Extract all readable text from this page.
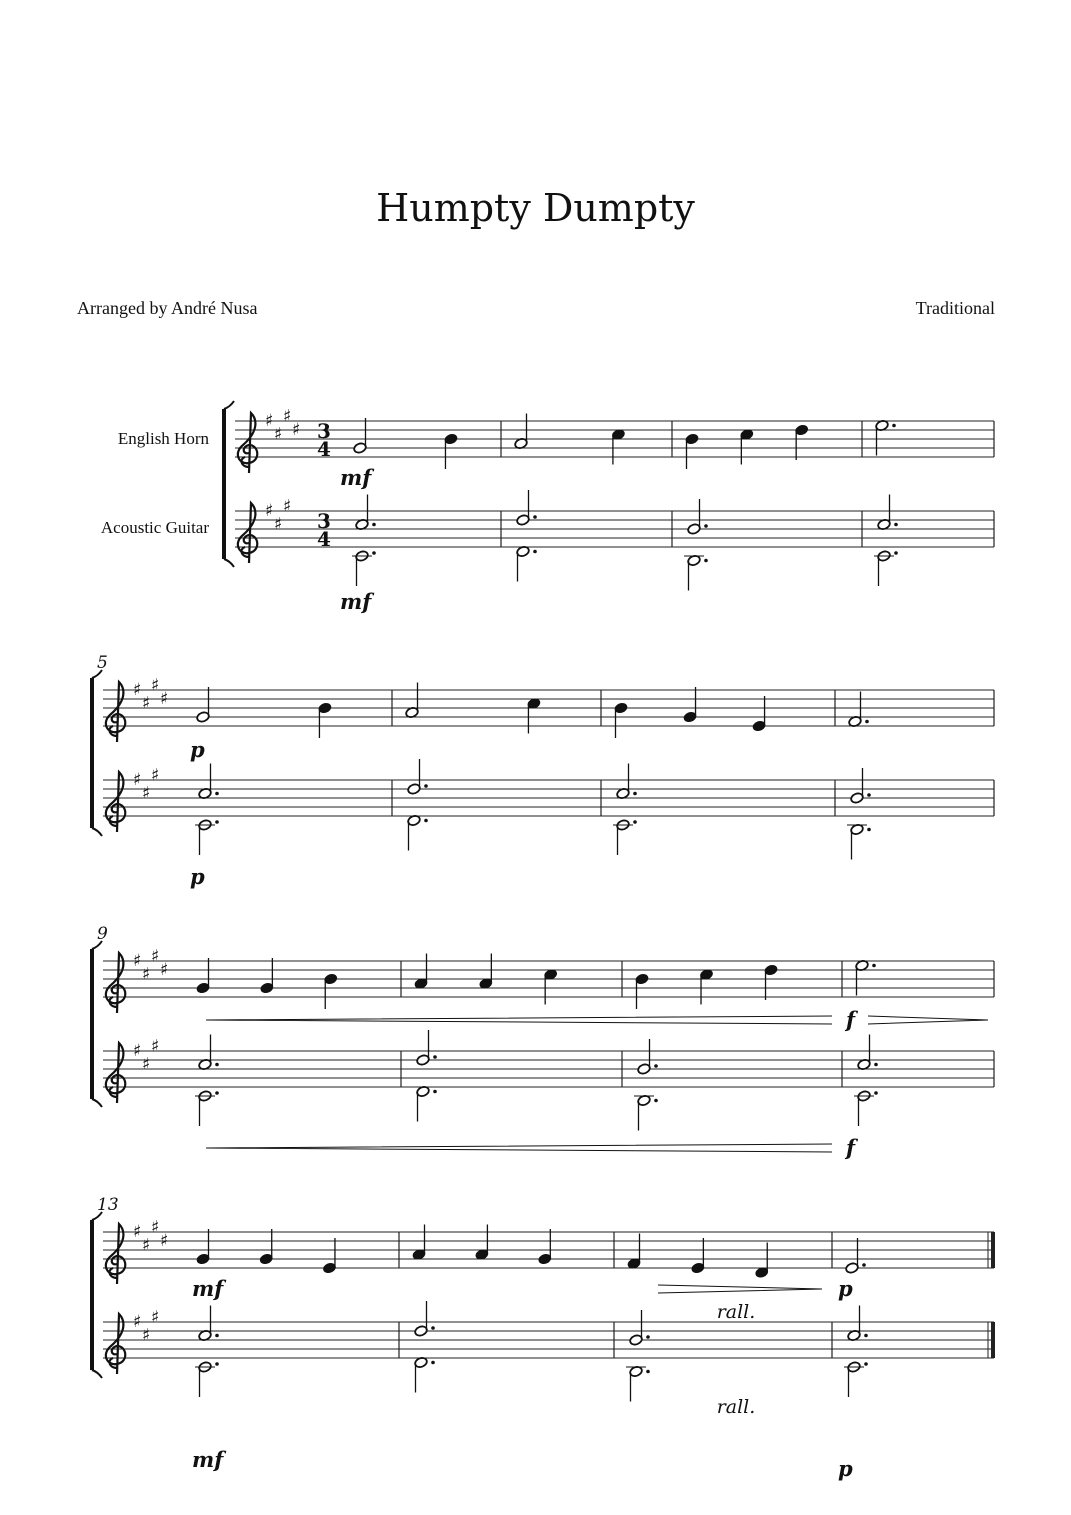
Humpty Dumpty
Arranged by André Nusa	Traditional
English Horn
Acoustic Guitar
♯
♯
♯
♯
♯
♯
♯
3
4
3
4
♯
♯
♯
♯
♯
♯
♯
♯
♯
♯
♯
♯
♯
♯
♯
♯
♯
♯
♯
♯
♯
5
9
13
mf
mf
p
p
f
f
mf	p
mf	p
rall.
rall.
